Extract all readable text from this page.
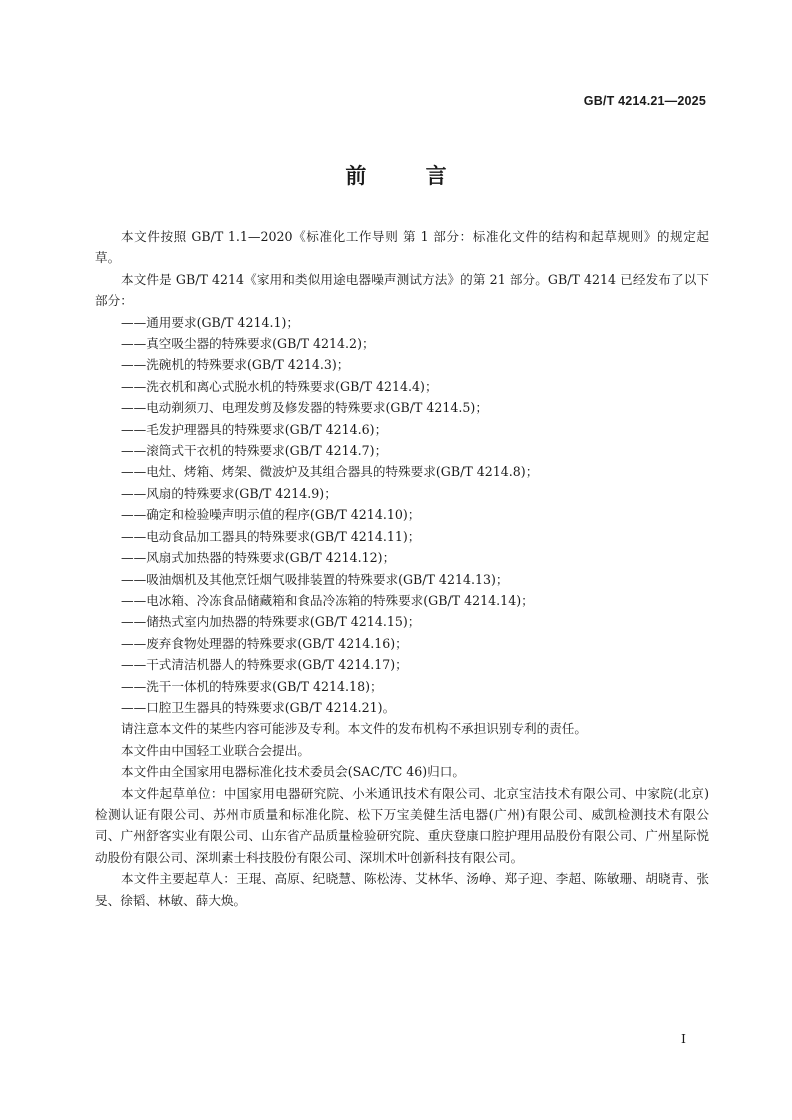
GB/T 4214.21—2025
前 言

本文件按照 GB/T 1.1—2020《标准化工作导则 第 1 部分：标准化文件的结构和起草规则》的规定起草。

本文件是 GB/T 4214《家用和类似用途电器噪声测试方法》的第 21 部分。GB/T 4214 已经发布了以下部分：

——通用要求(GB/T 4214.1)；

——真空吸尘器的特殊要求(GB/T 4214.2)；

——洗碗机的特殊要求(GB/T 4214.3)；

——洗衣机和离心式脱水机的特殊要求(GB/T 4214.4)；

——电动剃须刀、电理发剪及修发器的特殊要求(GB/T 4214.5)；

——毛发护理器具的特殊要求(GB/T 4214.6)；

——滚筒式干衣机的特殊要求(GB/T 4214.7)；

——电灶、烤箱、烤架、微波炉及其组合器具的特殊要求(GB/T 4214.8)；

——风扇的特殊要求(GB/T 4214.9)；

——确定和检验噪声明示值的程序(GB/T 4214.10)；

——电动食品加工器具的特殊要求(GB/T 4214.11)；

——风扇式加热器的特殊要求(GB/T 4214.12)；

——吸油烟机及其他烹饪烟气吸排装置的特殊要求(GB/T 4214.13)；

——电冰箱、冷冻食品储藏箱和食品冷冻箱的特殊要求(GB/T 4214.14)；

——储热式室内加热器的特殊要求(GB/T 4214.15)；

——废弃食物处理器的特殊要求(GB/T 4214.16)；

——干式清洁机器人的特殊要求(GB/T 4214.17)；

——洗干一体机的特殊要求(GB/T 4214.18)；

——口腔卫生器具的特殊要求(GB/T 4214.21)。

请注意本文件的某些内容可能涉及专利。本文件的发布机构不承担识别专利的责任。

本文件由中国轻工业联合会提出。

本文件由全国家用电器标准化技术委员会(SAC/TC 46)归口。

本文件起草单位：中国家用电器研究院、小米通讯技术有限公司、北京宝洁技术有限公司、中家院(北京)检测认证有限公司、苏州市质量和标准化院、松下万宝美健生活电器(广州)有限公司、威凯检测技术有限公司、广州舒客实业有限公司、山东省产品质量检验研究院、重庆登康口腔护理用品股份有限公司、广州星际悦动股份有限公司、深圳素士科技股份有限公司、深圳术叶创新科技有限公司。

本文件主要起草人：王琨、高原、纪晓慧、陈松涛、艾林华、汤峥、郑子迎、李超、陈敏珊、胡晓青、张旻、徐韬、林敏、薛大焕。

I
